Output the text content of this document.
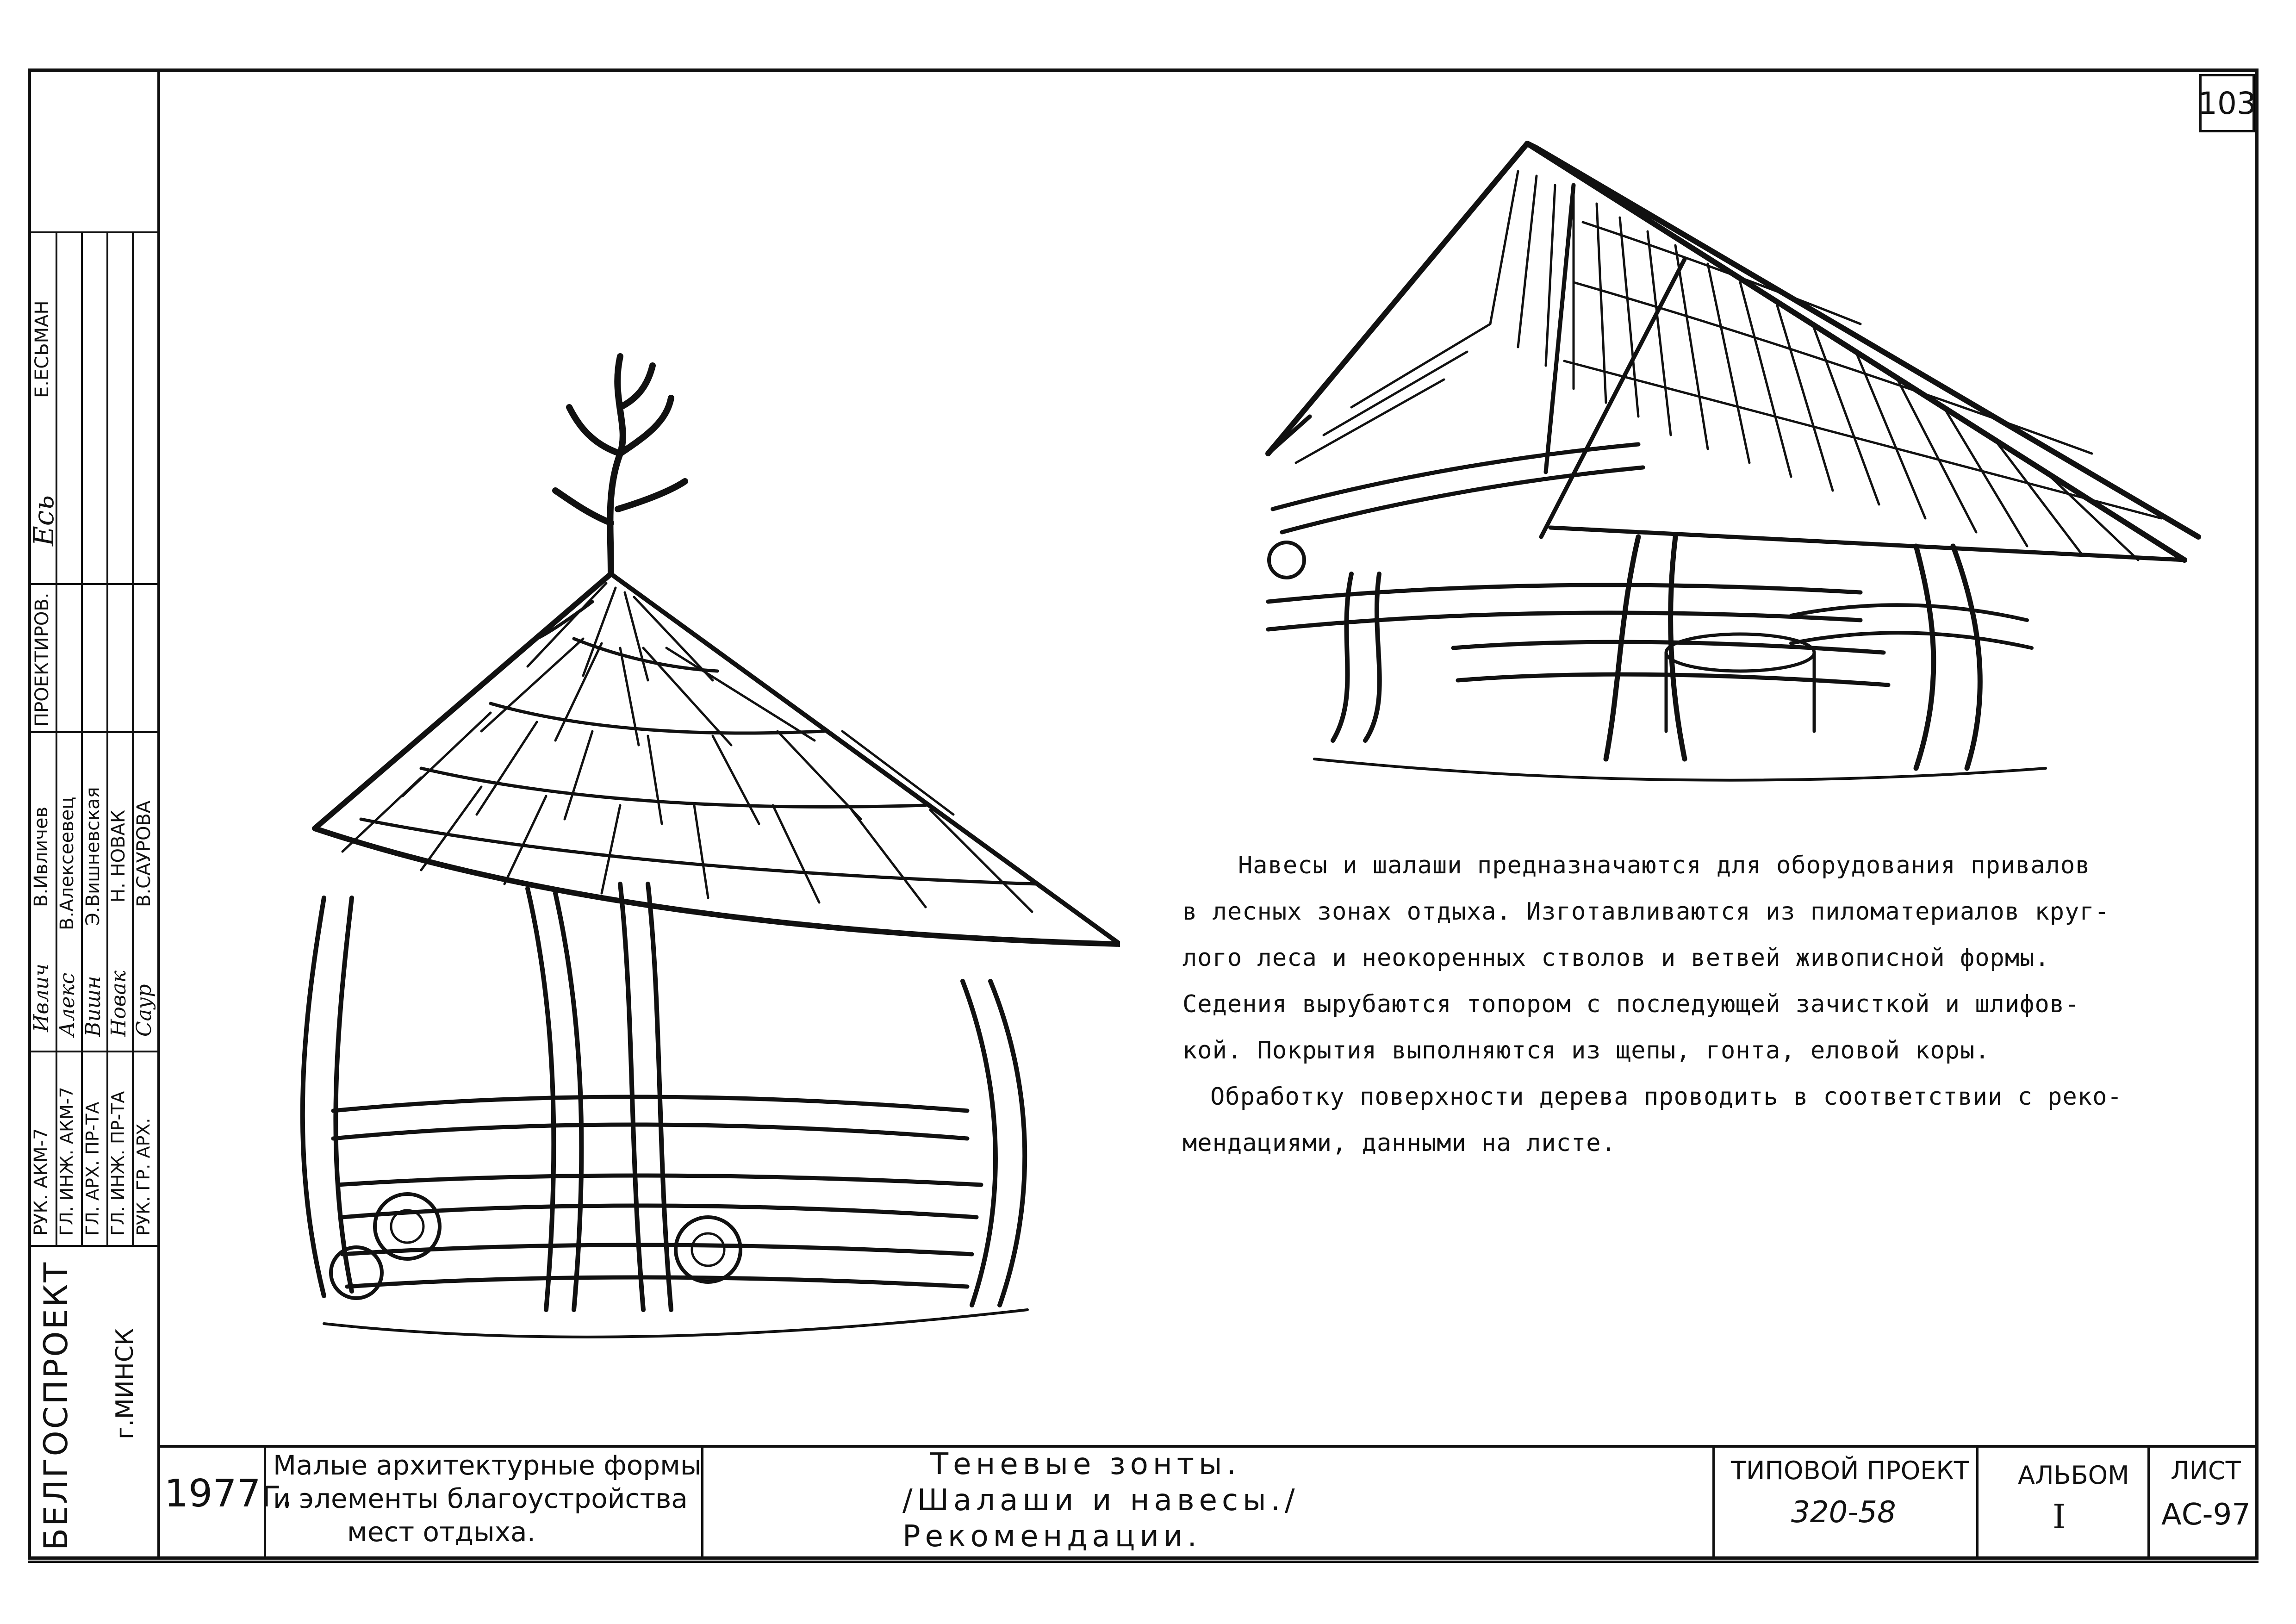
103
РУК. АКМ-7 ГЛ. ИНЖ. АКМ-7 ГЛ. АРХ. ПР-ТА ГЛ. ИНЖ. ПР-ТА РУК. ГР. АРХ.
В.Ивличев В.Алексеевец Э.Вишневская Н. НОВАК В.САУРОВА
Ивлич Алекс Вишн Новак Саур
ПРОЕКТИРОВ.
Е.ЕСЬМАН
Есь
БЕЛГОСПРОЕКТ г.МИНСК
1977г.
Малые архитектурные формы
и элементы благоустройства
мест отдыха.
Теневые зонты.
/Шалаши и навесы./
Рекомендации.
ТИПОВОЙ ПРОЕКТ
320-58
АЛЬБОМ
I
ЛИСТ
АС-97

Навесы и шалаши предназначаются для оборудования привалов

в лесных зонах отдыха. Изготавливаются из пиломатериалов круг-

лого леса и неокоренных стволов и ветвей живописной формы.

Седения вырубаются топором с последующей зачисткой и шлифов-

кой. Покрытия выполняются из щепы, гонта, еловой коры.

Обработку поверхности дерева проводить в соответствии с реко-

мендациями, данными на листе.
